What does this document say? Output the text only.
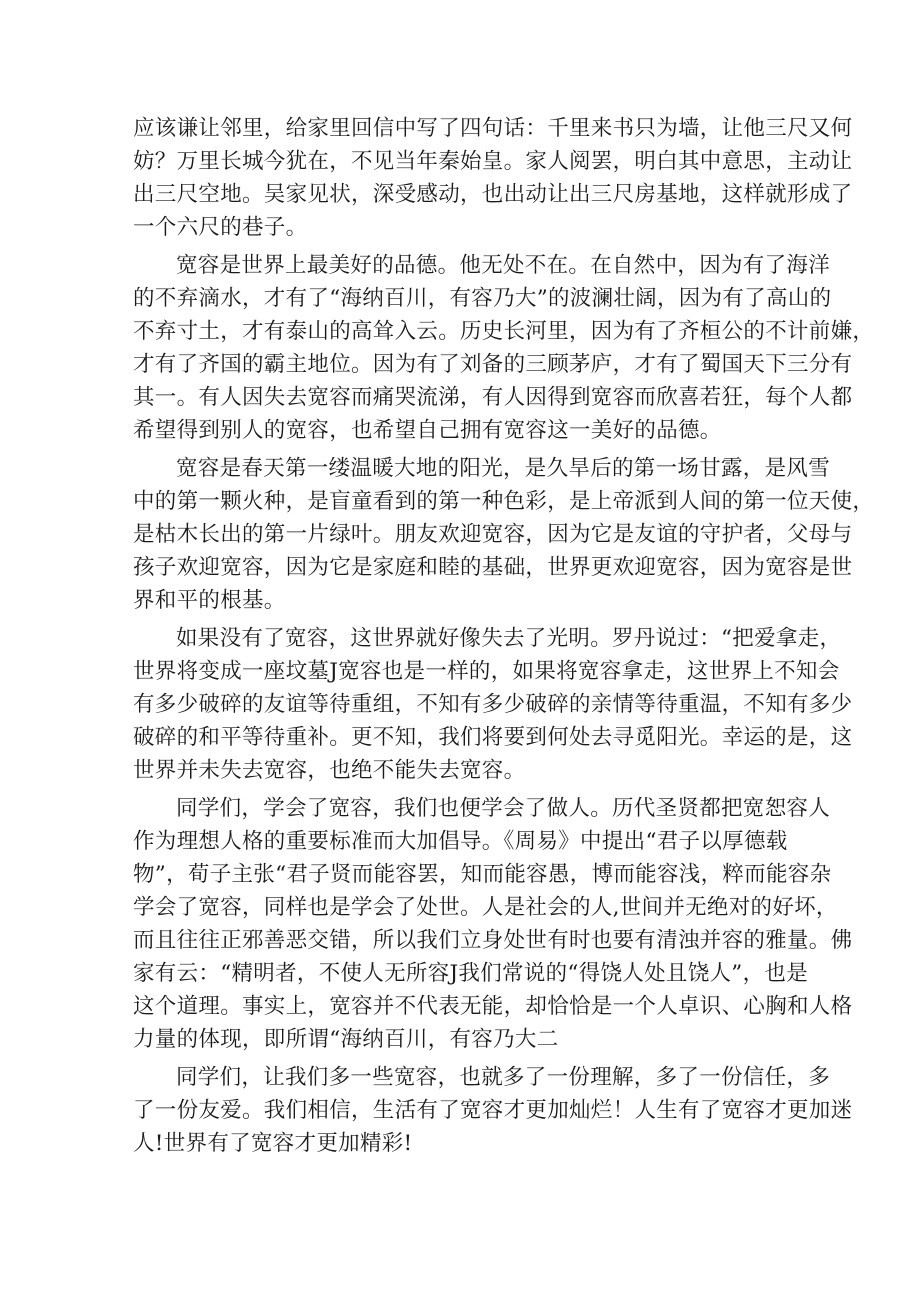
应该谦让邻里，给家里回信中写了四句话：千里来书只为墙，让他三尺又何
妨？万里长城今犹在，不见当年秦始皇。家人阅罢，明白其中意思，主动让
出三尺空地。吴家见状，深受感动，也出动让出三尺房基地，这样就形成了
一个六尺的巷子。
宽容是世界上最美好的品德。他无处不在。在自然中，因为有了海洋
的不弃滴水，才有了“海纳百川，有容乃大”的波澜壮阔，因为有了高山的
不弃寸土，才有泰山的高耸入云。历史长河里，因为有了齐桓公的不计前嫌，
才有了齐国的霸主地位。因为有了刘备的三顾茅庐，才有了蜀国天下三分有
其一。有人因失去宽容而痛哭流涕，有人因得到宽容而欣喜若狂，每个人都
希望得到别人的宽容，也希望自己拥有宽容这一美好的品德。
宽容是春天第一缕温暖大地的阳光，是久旱后的第一场甘露，是风雪
中的第一颗火种，是盲童看到的第一种色彩，是上帝派到人间的第一位天使，
是枯木长出的第一片绿叶。朋友欢迎宽容，因为它是友谊的守护者，父母与
孩子欢迎宽容，因为它是家庭和睦的基础，世界更欢迎宽容，因为宽容是世
界和平的根基。
如果没有了宽容，这世界就好像失去了光明。罗丹说过：“把爱拿走，
世界将变成一座坟墓J宽容也是一样的，如果将宽容拿走，这世界上不知会
有多少破碎的友谊等待重组，不知有多少破碎的亲情等待重温，不知有多少
破碎的和平等待重补。更不知，我们将要到何处去寻觅阳光。幸运的是，这
世界并未失去宽容，也绝不能失去宽容。
同学们，学会了宽容，我们也便学会了做人。历代圣贤都把宽恕容人
作为理想人格的重要标准而大加倡导。《周易》中提出“君子以厚德载
物”，荀子主张“君子贤而能容罢，知而能容愚，博而能容浅，粹而能容杂
学会了宽容，同样也是学会了处世。人是社会的人,世间并无绝对的好坏，
而且往往正邪善恶交错，所以我们立身处世有时也要有清浊并容的雅量。佛
家有云：“精明者，不使人无所容J我们常说的“得饶人处且饶人”，也是
这个道理。事实上，宽容并不代表无能，却恰恰是一个人卓识、心胸和人格
力量的体现，即所谓“海纳百川，有容乃大二
同学们，让我们多一些宽容，也就多了一份理解，多了一份信任，多
了一份友爱。我们相信，生活有了宽容才更加灿烂！人生有了宽容才更加迷
人!世界有了宽容才更加精彩!
